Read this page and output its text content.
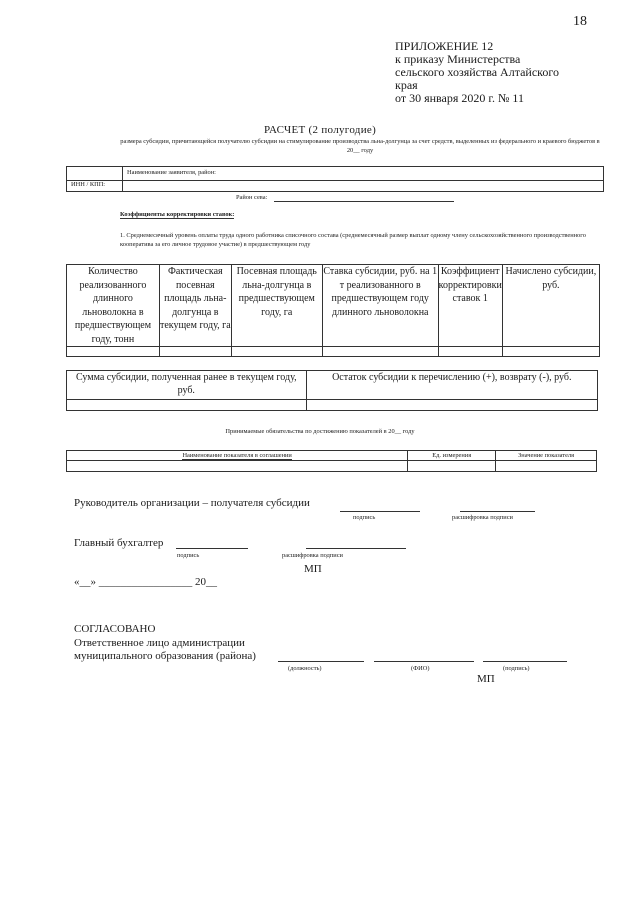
18
ПРИЛОЖЕНИЕ 12
к приказу Министерства
сельского хозяйства Алтайского
края
от 30 января 2020 г. № 11
РАСЧЕТ (2 полугодие)
размера субсидии, причитающейся получателю субсидии на стимулирование производства льна-долгунца за счет средств, выделенных из федерального и краевого бюджетов в 20__ году
Наименование заявителя, район:
ИНН / КПП:
Район сева:
Коэффициенты корректировки ставок:
1. Среднемесячный уровень оплаты труда одного работника списочного состава (среднемесячный размер выплат одному члену сельскохозяйственного производственного кооператива за его личное трудовое участие) в предшествующем году
Количество реализованного длинного льноволокна в предшествующем году, тонн	Фактическая посевная площадь льна-долгунца в текущем году, га	Посевная площадь льна-долгунца в предшествующем году, га	Ставка субсидии, руб. на 1 т реализованного в предшествующем году длинного льноволокна	Коэффициент корректировки ставок 1	Начислено субсидии, руб.

Сумма субсидии, полученная ранее в текущем году, руб.	Остаток субсидии к перечислению (+), возврату (-), руб.

Принимаемые обязательства по достижению показателей в 20__ году
Наименование показателя в соглашении	Ед. измерения	Значение показателя

Руководитель организации – получателя субсидии
подпись	расшифровка подписи
Главный бухгалтер
подпись	расшифровка подписи
МП
«__» _________________ 20__
СОГЛАСОВАНО
Ответственное лицо администрации
муниципального образования (района)
(должность)	(ФИО)	(подпись)
МП
